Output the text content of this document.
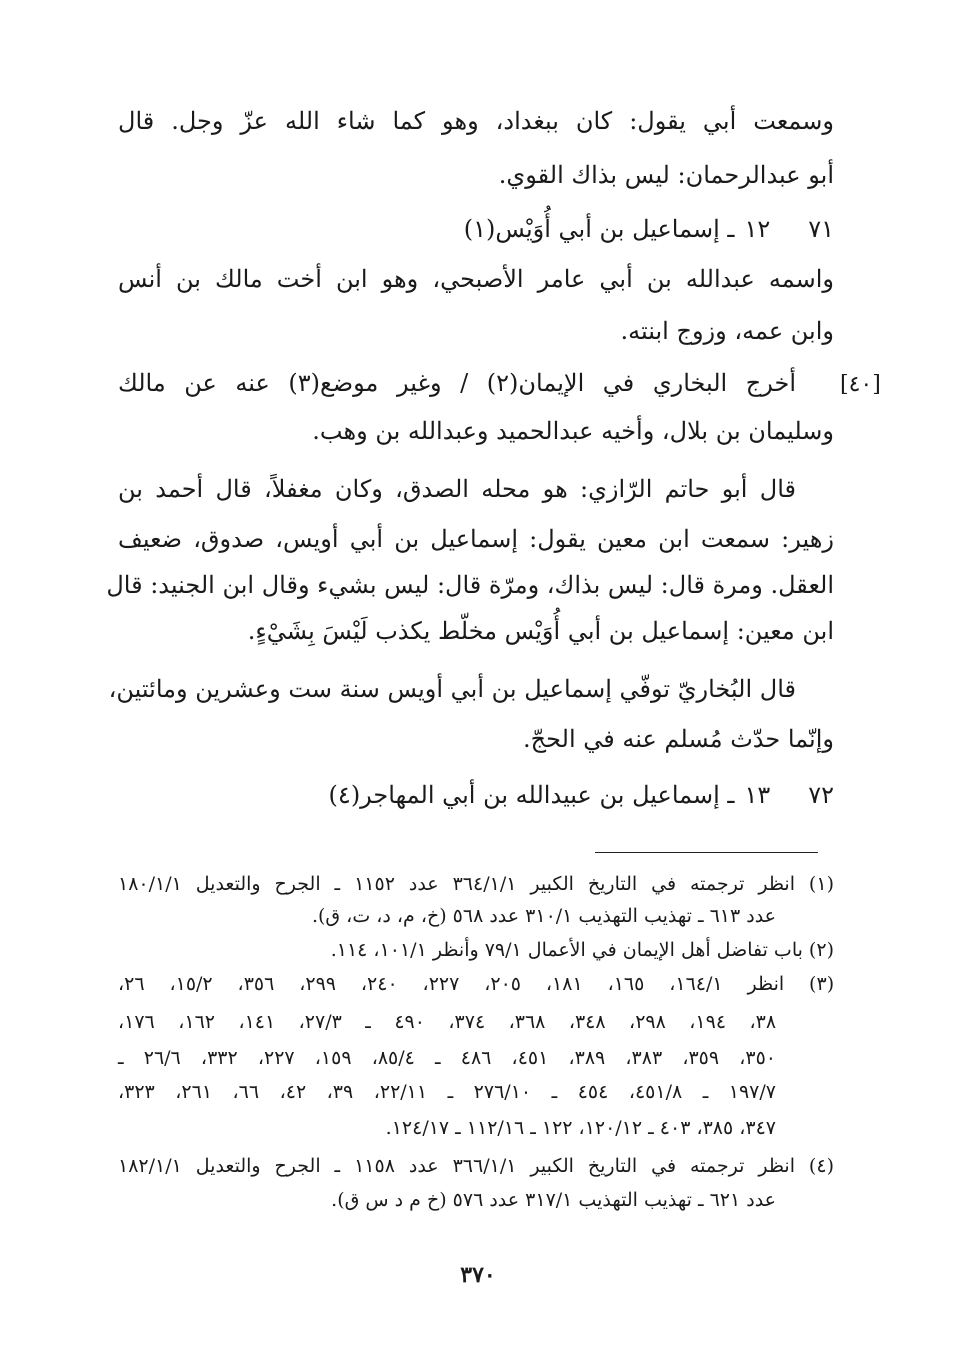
وسمعت أبي يقول: كان ببغداد، وهو كما شاء الله عزّ وجل. قال
أبو عبدالرحمان: ليس بذاك القوي.
٧١١٢ـ إسماعيل بن أبي أُوَيْس(١)
واسمه عبدالله بن أبي عامر الأصبحي، وهو ابن أخت مالك بن أنس
وابن عمه، وزوج ابنته.
[٤٠]
أخرج البخاري في الإيمان(٢) / وغير موضع(٣) عنه عن مالك
وسليمان بن بلال، وأخيه عبدالحميد وعبدالله بن وهب.
قال أبو حاتم الرّازي: هو محله الصدق، وكان مغفلاً، قال أحمد بن
زهير: سمعت ابن معين يقول: إسماعيل بن أبي أويس، صدوق، ضعيف
العقل. ومرة قال: ليس بذاك، ومرّة قال: ليس بشيء وقال ابن الجنيد: قال
ابن معين: إسماعيل بن أبي أُوَيْس مخلّط يكذب لَيْسَ بِشَيْءٍ.
قال البُخاريّ توفّي إسماعيل بن أبي أويس سنة ست وعشرين ومائتين،
وإنّما حدّث مُسلم عنه في الحجّ.
٧٢١٣ـ إسماعيل بن عبيدالله بن أبي المهاجر(٤)
(١) انظر ترجمته في التاريخ الكبير ٣٦٤/١/١ عدد ١١٥٢ ـ الجرح والتعديل ١٨٠/١/١
عدد ٦١٣ ـ تهذيب التهذيب ٣١٠/١ عدد ٥٦٨ (خ، م، د، ت، ق).
(٢) باب تفاضل أهل الإيمان في الأعمال ٧٩/١ وأنظر ١٠١/١، ١١٤.
(٣) انظر ١٦٤/١، ١٦٥، ١٨١، ٢٠٥، ٢٢٧، ٢٤٠، ٢٩٩، ٣٥٦، ١٥/٢، ٢٦،
٣٨، ١٩٤، ٢٩٨، ٣٤٨، ٣٦٨، ٣٧٤، ٤٩٠ ـ ٢٧/٣، ١٤١، ١٦٢، ١٧٦،
٣٥٠، ٣٥٩، ٣٨٣، ٣٨٩، ٤٥١، ٤٨٦ ـ ٨٥/٤، ١٥٩، ٢٢٧، ٣٣٢، ٢٦/٦ ـ
١٩٧/٧ ـ ٤٥١/٨، ٤٥٤ ـ ٢٧٦/١٠ ـ ٢٢/١١، ٣٩، ٤٢، ٦٦، ٢٦١، ٣٢٣،
٣٤٧، ٣٨٥، ٤٠٣ ـ ١٢٠/١٢، ١٢٢ ـ ١١٢/١٦ ـ ١٢٤/١٧.
(٤) انظر ترجمته في التاريخ الكبير ٣٦٦/١/١ عدد ١١٥٨ ـ الجرح والتعديل ١٨٢/١/١
عدد ٦٢١ ـ تهذيب التهذيب ٣١٧/١ عدد ٥٧٦ (خ م د س ق).
٣٧٠
